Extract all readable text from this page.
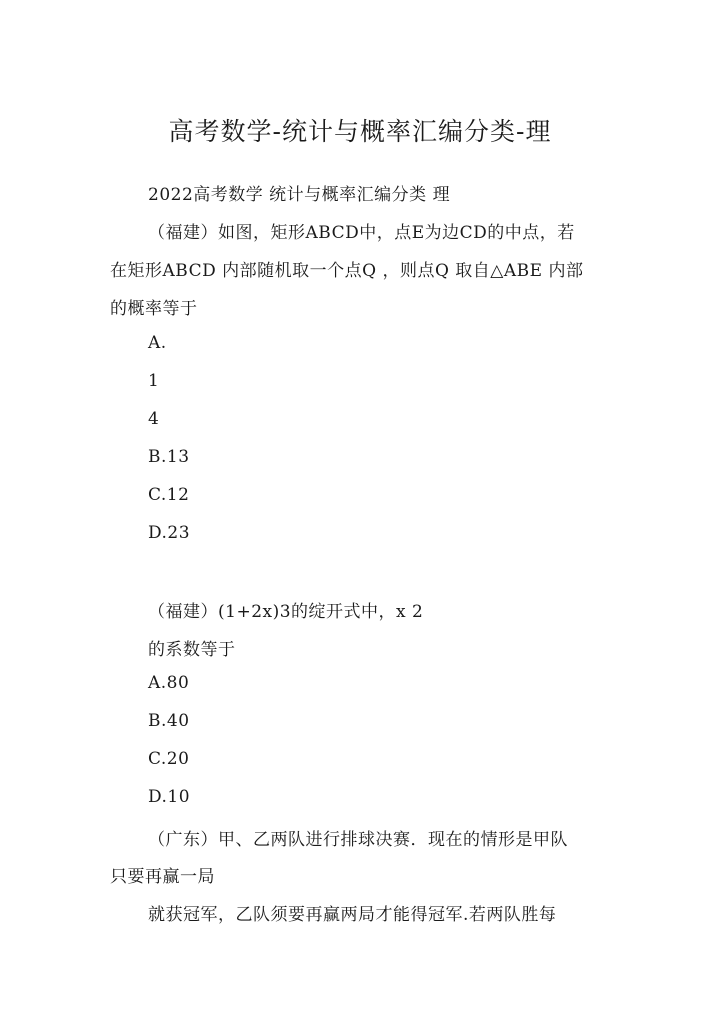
高考数学-统计与概率汇编分类-理

2022高考数学 统计与概率汇编分类 理

（福建）如图，矩形ABCD中，点E为边CD的中点，若

在矩形ABCD 内部随机取一个点Q ，则点Q 取自△ABE 内部

的概率等于

A.

1

4

B.13

C.12

D.23

（福建）(1+2x)3的绽开式中，x 2

的系数等于

A.80

B.40

C.20

D.10

（广东）甲、乙两队进行排球决赛．现在的情形是甲队

只要再赢一局

就获冠军，乙队须要再赢两局才能得冠军.若两队胜每
